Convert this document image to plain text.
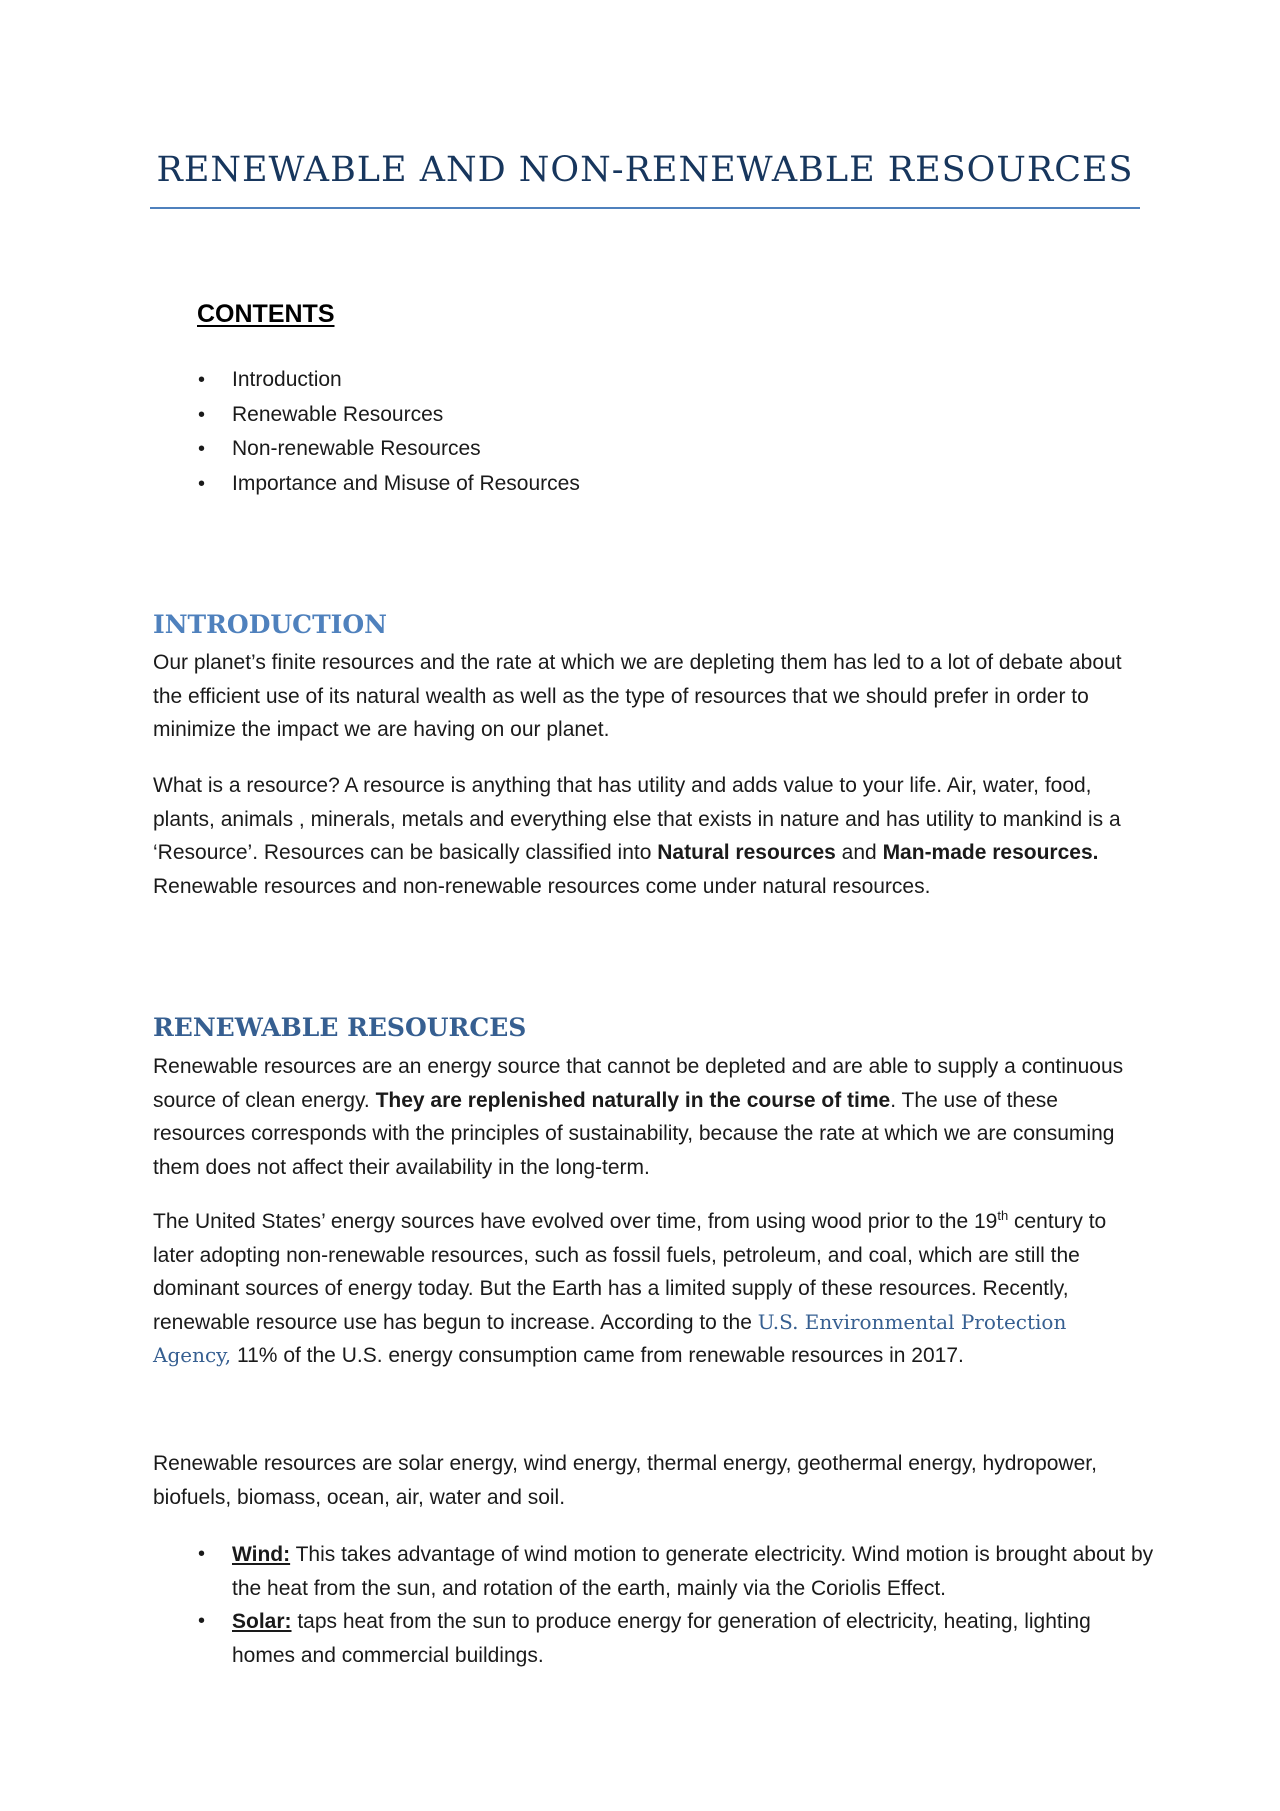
RENEWABLE AND NON-RENEWABLE RESOURCES
CONTENTS
• Introduction
• Renewable Resources
• Non-renewable Resources
• Importance and Misuse of Resources
INTRODUCTION

Our planet’s finite resources and the rate at which we are depleting them has led to a lot of debate about the efficient use of its natural wealth as well as the type of resources that we should prefer in order to minimize the impact we are having on our planet.

What is a resource? A resource is anything that has utility and adds value to your life. Air, water, food, plants, animals , minerals, metals and everything else that exists in nature and has utility to mankind is a ‘Resource’. Resources can be basically classified into Natural resources and Man-made resources. Renewable resources and non-renewable resources come under natural resources.

RENEWABLE RESOURCES

Renewable resources are an energy source that cannot be depleted and are able to supply a continuous source of clean energy. They are replenished naturally in the course of time. The use of these resources corresponds with the principles of sustainability, because the rate at which we are consuming them does not affect their availability in the long-term.

The United States’ energy sources have evolved over time, from using wood prior to the 19th century to later adopting non-renewable resources, such as fossil fuels, petroleum, and coal, which are still the dominant sources of energy today. But the Earth has a limited supply of these resources. Recently, renewable resource use has begun to increase. According to the U.S. Environmental Protection Agency, 11% of the U.S. energy consumption came from renewable resources in 2017.

Renewable resources are solar energy, wind energy, thermal energy, geothermal energy, hydropower, biofuels, biomass, ocean, air, water and soil.

• Wind: This takes advantage of wind motion to generate electricity. Wind motion is brought about by the heat from the sun, and rotation of the earth, mainly via the Coriolis Effect.
• Solar: taps heat from the sun to produce energy for generation of electricity, heating, lighting homes and commercial buildings.
